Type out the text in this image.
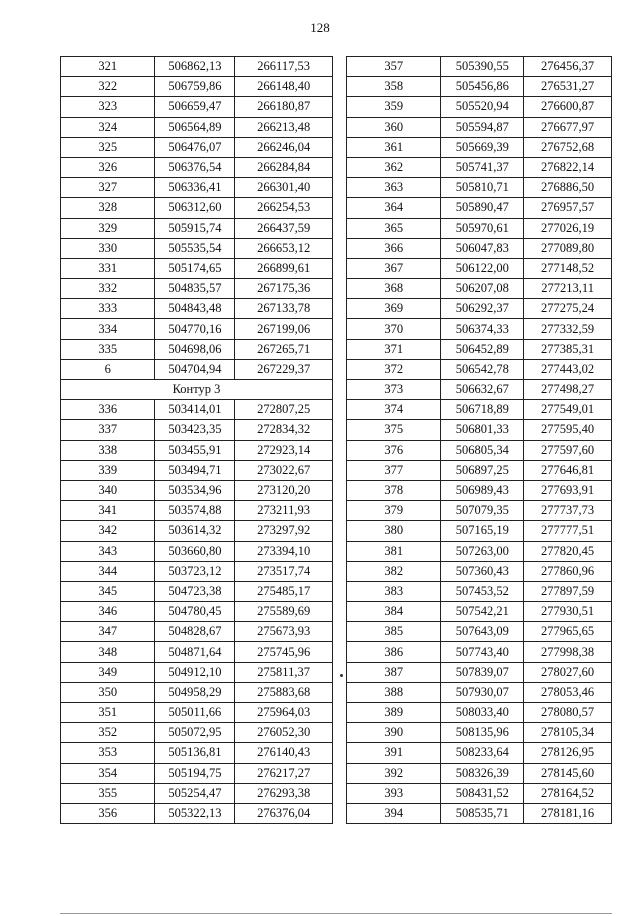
128
321	506862,13	266117,53
322	506759,86	266148,40
323	506659,47	266180,87
324	506564,89	266213,48
325	506476,07	266246,04
326	506376,54	266284,84
327	506336,41	266301,40
328	506312,60	266254,53
329	505915,74	266437,59
330	505535,54	266653,12
331	505174,65	266899,61
332	504835,57	267175,36
333	504843,48	267133,78
334	504770,16	267199,06
335	504698,06	267265,71
6	504704,94	267229,37
Контур 3		
336	503414,01	272807,25
337	503423,35	272834,32
338	503455,91	272923,14
339	503494,71	273022,67
340	503534,96	273120,20
341	503574,88	273211,93
342	503614,32	273297,92
343	503660,80	273394,10
344	503723,12	273517,74
345	504723,38	275485,17
346	504780,45	275589,69
347	504828,67	275673,93
348	504871,64	275745,96
349	504912,10	275811,37
350	504958,29	275883,68
351	505011,66	275964,03
352	505072,95	276052,30
353	505136,81	276140,43
354	505194,75	276217,27
355	505254,47	276293,38
356	505322,13	276376,04
357	505390,55	276456,37
358	505456,86	276531,27
359	505520,94	276600,87
360	505594,87	276677,97
361	505669,39	276752,68
362	505741,37	276822,14
363	505810,71	276886,50
364	505890,47	276957,57
365	505970,61	277026,19
366	506047,83	277089,80
367	506122,00	277148,52
368	506207,08	277213,11
369	506292,37	277275,24
370	506374,33	277332,59
371	506452,89	277385,31
372	506542,78	277443,02
373	506632,67	277498,27
374	506718,89	277549,01
375	506801,33	277595,40
376	506805,34	277597,60
377	506897,25	277646,81
378	506989,43	277693,91
379	507079,35	277737,73
380	507165,19	277777,51
381	507263,00	277820,45
382	507360,43	277860,96
383	507453,52	277897,59
384	507542,21	277930,51
385	507643,09	277965,65
386	507743,40	277998,38
387	507839,07	278027,60
388	507930,07	278053,46
389	508033,40	278080,57
390	508135,96	278105,34
391	508233,64	278126,95
392	508326,39	278145,60
393	508431,52	278164,52
394	508535,71	278181,16
